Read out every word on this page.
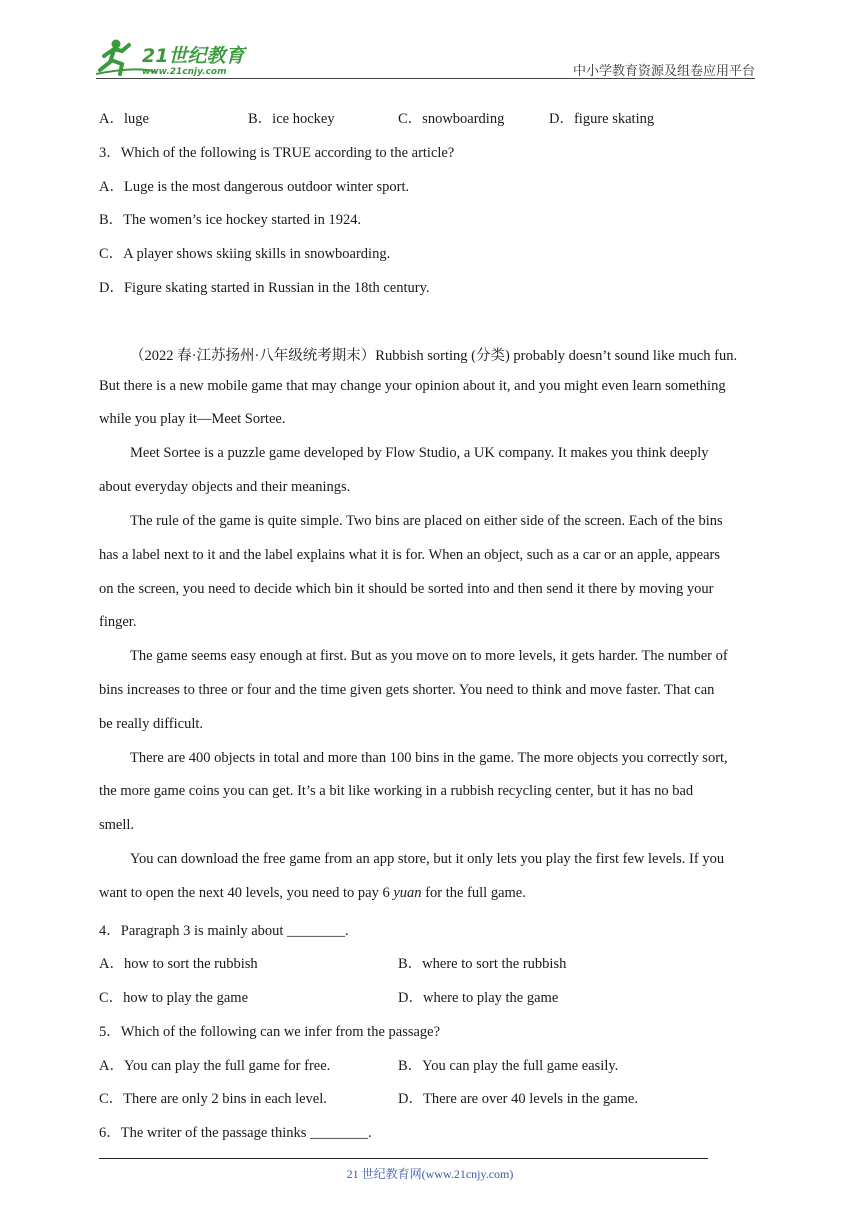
21世纪教育
www.21cnjy.com	中小学教育资源及组卷应用平台
A．luge	B．ice hockey	C．snowboarding	D．figure skating
3．Which of the following is TRUE according to the article?
A．Luge is the most dangerous outdoor winter sport.
B．The women’s ice hockey started in 1924.
C．A player shows skiing skills in snowboarding.
D．Figure skating started in Russian in the 18th century.
（2022 春·江苏扬州·八年级统考期末）Rubbish sorting (分类) probably doesn’t sound like much fun.
But there is a new mobile game that may change your opinion about it, and you might even learn something
while you play it—Meet Sortee.
Meet Sortee is a puzzle game developed by Flow Studio, a UK company. It makes you think deeply
about everyday objects and their meanings.
The rule of the game is quite simple. Two bins are placed on either side of the screen. Each of the bins
has a label next to it and the label explains what it is for. When an object, such as a car or an apple, appears
on the screen, you need to decide which bin it should be sorted into and then send it there by moving your
finger.
The game seems easy enough at first. But as you move on to more levels, it gets harder. The number of
bins increases to three or four and the time given gets shorter. You need to think and move faster. That can
be really difficult.
There are 400 objects in total and more than 100 bins in the game. The more objects you correctly sort,
the more game coins you can get. It’s a bit like working in a rubbish recycling center, but it has no bad
smell.
You can download the free game from an app store, but it only lets you play the first few levels. If you
want to open the next 40 levels, you need to pay 6 yuan for the full game.
4．Paragraph 3 is mainly about ________.
A．how to sort the rubbish	B．where to sort the rubbish
C．how to play the game	D．where to play the game
5．Which of the following can we infer from the passage?
A．You can play the full game for free.	B．You can play the full game easily.
C．There are only 2 bins in each level.	D．There are over 40 levels in the game.
6．The writer of the passage thinks ________.
21 世纪教育网(www.21cnjy.com)
